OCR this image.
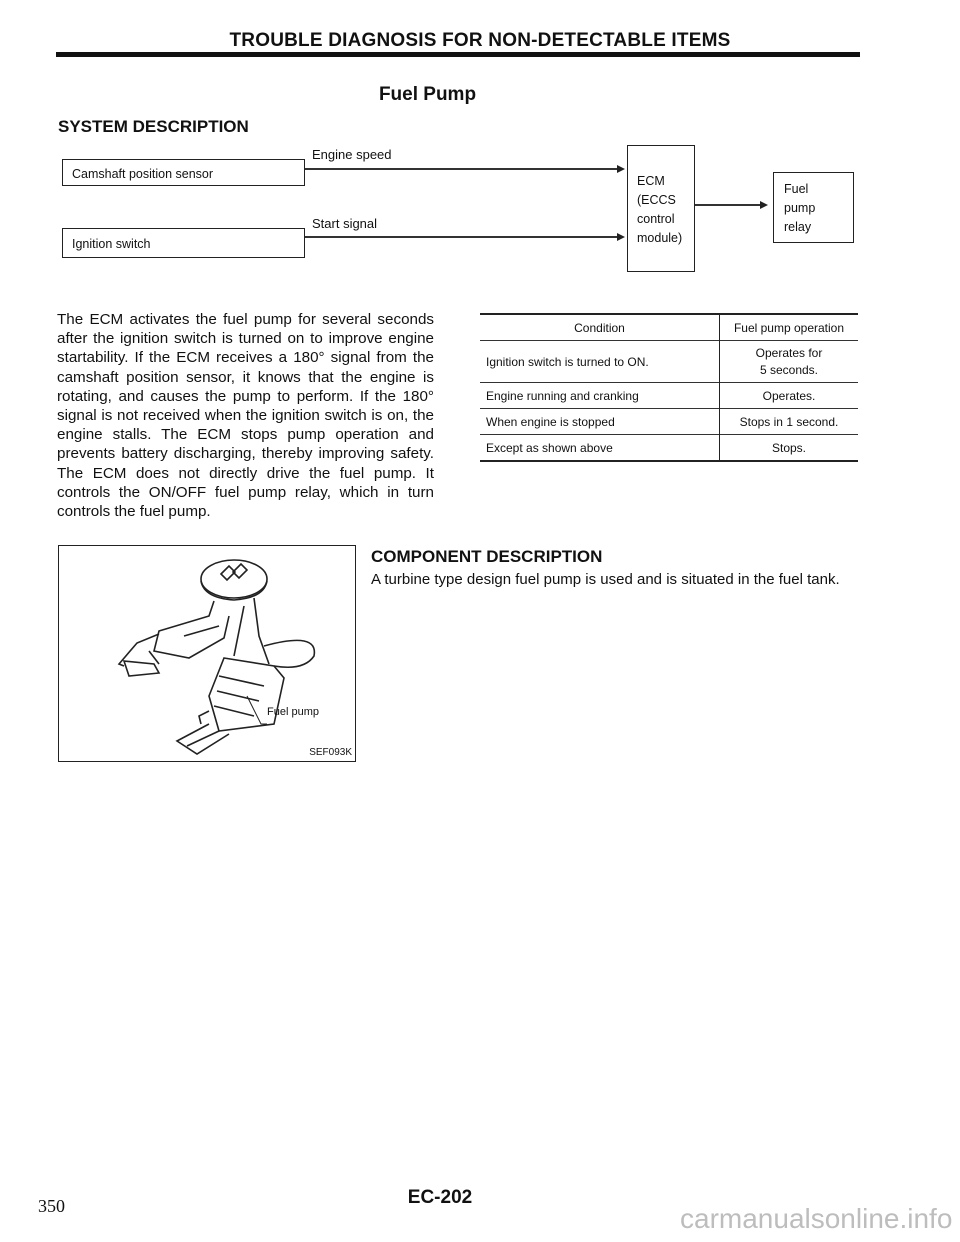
TROUBLE DIAGNOSIS FOR NON-DETECTABLE ITEMS
Fuel Pump
SYSTEM DESCRIPTION
Camshaft position sensor
Engine speed
Ignition switch
Start signal
ECM
(ECCS
control
module)
Fuel
pump
relay
The ECM activates the fuel pump for several seconds after the ignition switch is turned on to improve engine startability. If the ECM receives a 180° signal from the camshaft position sensor, it knows that the engine is rotating, and causes the pump to perform. If the 180° signal is not received when the ignition switch is on, the engine stalls. The ECM stops pump operation and prevents battery discharging, thereby improving safety. The ECM does not directly drive the fuel pump. It controls the ON/OFF fuel pump relay, which in turn controls the fuel pump.
Condition	Fuel pump operation
Ignition switch is turned to ON.	Operates for
5 seconds.

Engine running and cranking	Operates.
When engine is stopped	Stops in 1 second.
Except as shown above	Stops.
Fuel pump
SEF093K
COMPONENT DESCRIPTION
A turbine type design fuel pump is used and is situated in the fuel tank.
350	EC-202
carmanualsonline.info
